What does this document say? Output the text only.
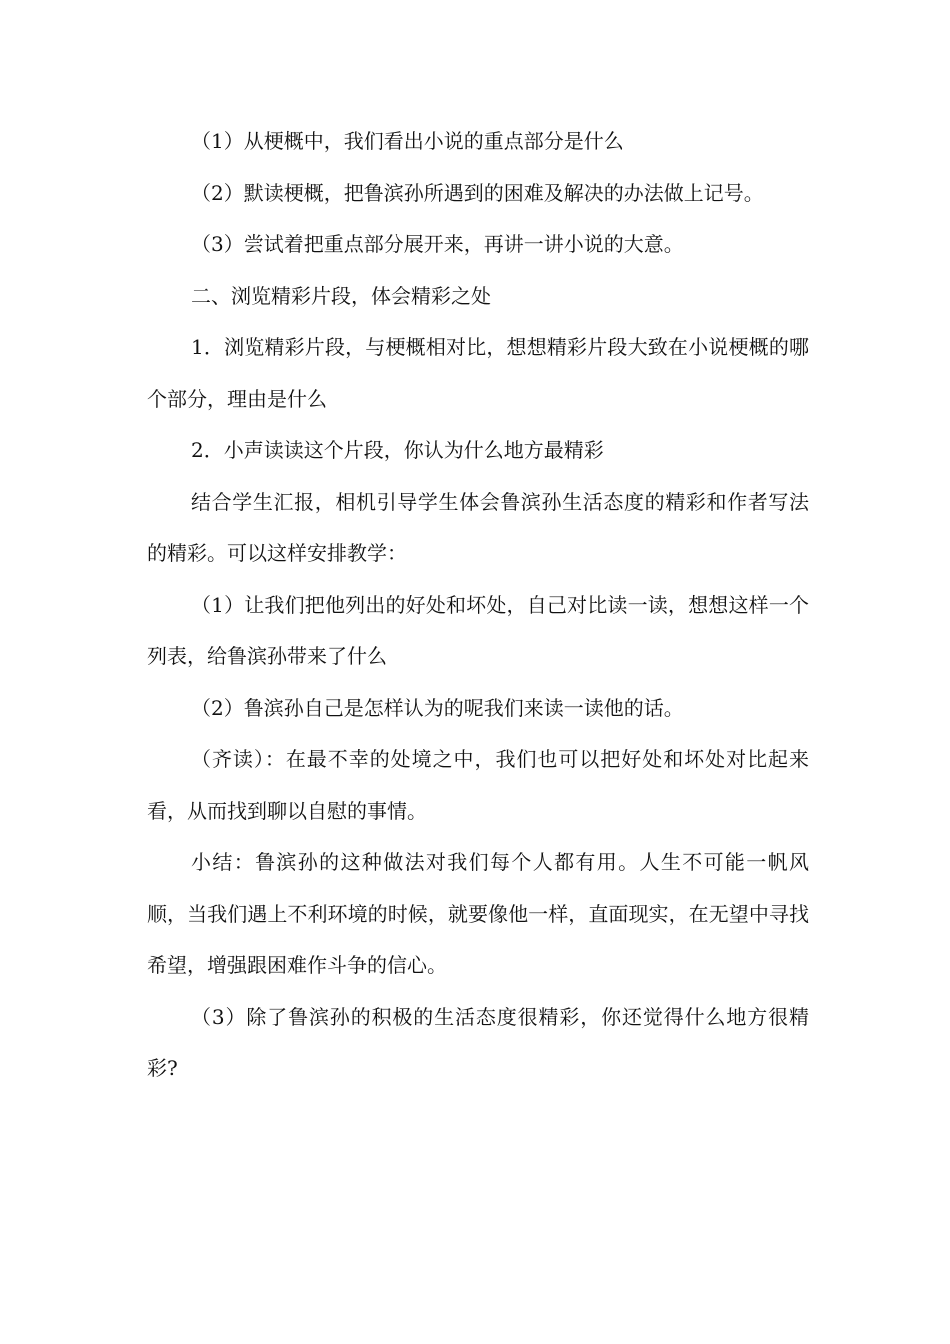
（1）从梗概中，我们看出小说的重点部分是什么

（2）默读梗概，把鲁滨孙所遇到的困难及解决的办法做上记号。

（3）尝试着把重点部分展开来，再讲一讲小说的大意。

二、浏览精彩片段，体会精彩之处

1．浏览精彩片段，与梗概相对比，想想精彩片段大致在小说梗概的哪个部分，理由是什么

2．小声读读这个片段，你认为什么地方最精彩

结合学生汇报，相机引导学生体会鲁滨孙生活态度的精彩和作者写法的精彩。可以这样安排教学：

（1）让我们把他列出的好处和坏处，自己对比读一读，想想这样一个列表，给鲁滨孙带来了什么

（2）鲁滨孙自己是怎样认为的呢我们来读一读他的话。

（齐读）：在最不幸的处境之中，我们也可以把好处和坏处对比起来看，从而找到聊以自慰的事情。

小结：鲁滨孙的这种做法对我们每个人都有用。人生不可能一帆风顺，当我们遇上不利环境的时候，就要像他一样，直面现实，在无望中寻找希望，增强跟困难作斗争的信心。

（3）除了鲁滨孙的积极的生活态度很精彩，你还觉得什么地方很精彩?
